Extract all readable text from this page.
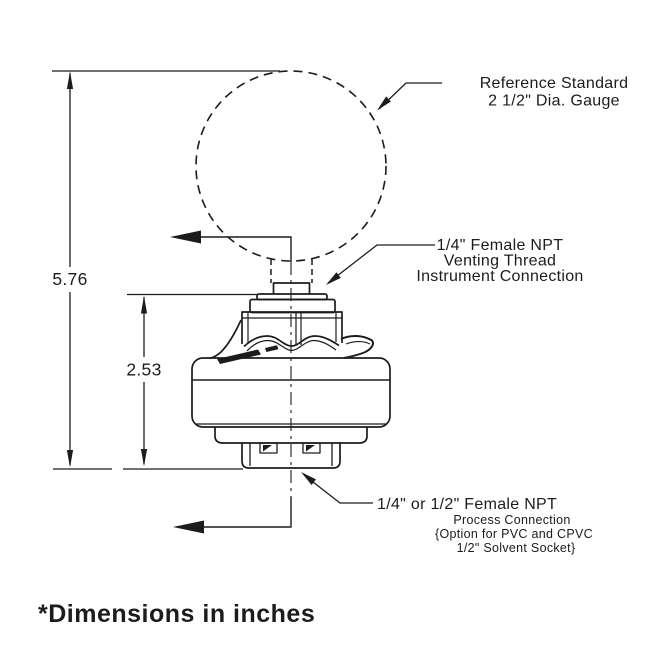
5.76
2.53
Reference Standard
2 1/2" Dia. Gauge
1/4" Female NPT
Venting Thread
Instrument Connection
1/4" or 1/2" Female NPT
Process Connection
{Option for PVC and CPVC
1/2" Solvent Socket}
*Dimensions in inches
